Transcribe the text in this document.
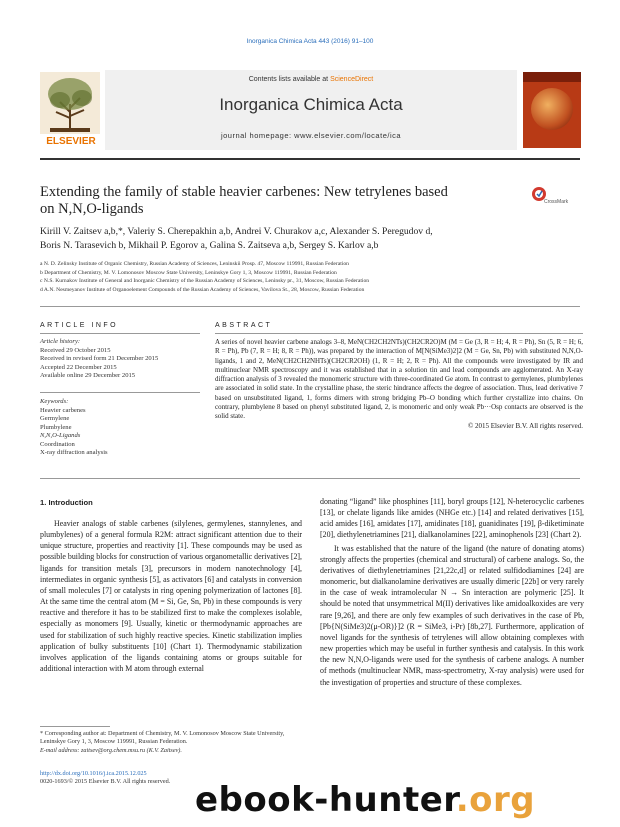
Inorganica Chimica Acta 443 (2016) 91–100
Contents lists available at ScienceDirect
Inorganica Chimica Acta
journal homepage: www.elsevier.com/locate/ica
ELSEVIER
Extending the family of stable heavier carbenes: New tetrylenes based
on N,N,O-ligands	CrossMark
Kirill V. Zaitsev a,b,*, Valeriy S. Cherepakhin a,b, Andrei V. Churakov a,c, Alexander S. Peregudov d,
Boris N. Tarasevich b, Mikhail P. Egorov a, Galina S. Zaitseva a,b, Sergey S. Karlov a,b
a N. D. Zelinsky Institute of Organic Chemistry, Russian Academy of Sciences, Leninskii Prosp. 47, Moscow 119991, Russian Federation
b Department of Chemistry, M. V. Lomonosov Moscow State University, Leninskye Gory 1, 3, Moscow 119991, Russian Federation
c N.S. Kurnakov Institute of General and Inorganic Chemistry of the Russian Academy of Sciences, Leninsky pr., 31, Moscow, Russian Federation
d A.N. Nesmeyanov Institute of Organoelement Compounds of the Russian Academy of Sciences, Vavilova St., 28, Moscow, Russian Federation
ARTICLE INFO	ABSTRACT
Article history:
Received 29 October 2015
Received in revised form 21 December 2015
Accepted 22 December 2015
Available online 29 December 2015
Keywords:
Heavier carbenes
Germylene
Plumbylene
N,N,O-Ligands
Coordination
X-ray diffraction analysis
A series of novel heavier carbene analogs 3–8, MeN(CH2CH2NTs)(CH2CR2O)M (M = Ge (3, R = H; 4, R = Ph), Sn (5, R = H; 6, R = Ph), Pb (7, R = H; 8, R = Ph)), was prepared by the interaction of M[N(SiMe3)2]2 (M = Ge, Sn, Pb) with substituted N,N,O-ligands, 1 and 2, MeN(CH2CH2NHTs)(CH2CR2OH) (1, R = H; 2, R = Ph). All the compounds were investigated by IR and multinuclear NMR spectroscopy and it was established that in a solution tin and lead compounds are agglomerated. An X-ray diffraction analysis of 3 revealed the monomeric structure with three-coordinated Ge atom. In contrast to germylenes, plumbylenes are associated in solid state. In the crystalline phase, the steric hindrance affects the degree of association. Thus, lead derivative 7 based on unsubstituted ligand, 1, forms dimers with strong bridging Pb–O bonding which further crystallize into chains. On contrary, plumbylene 8 based on phenyl substituted ligand, 2, is monomeric and only weak Pb···Osp contacts are observed is the solid state.
© 2015 Elsevier B.V. All rights reserved.
1. Introduction

Heavier analogs of stable carbenes (silylenes, germylenes, stannylenes, and plumbylenes) of a general formula R2M: attract significant attention due to their unique structure, properties and reactivity [1]. These compounds may be used as possible building blocks for construction of various organometallic derivatives [2], ligands for transition metals [3], precursors in modern nanotechnology [4], intermediates in organic synthesis [5], as activators [6] and catalysts in conversion of small molecules [7] or catalysts in ring opening polymerization of lactones [8]. At the same time the central atom (M = Si, Ge, Sn, Pb) in these compounds is very reactive and therefore it has to be stabilized first to make the complexes isolable, especially as monomers [9]. Usually, kinetic or thermodynamic approaches are used for stabilization of such highly reactive species. Kinetic stabilization implies application of bulky substituents [10] (Chart 1). Thermodynamic stabilization involves application of the ligands containing atoms or groups suitable for additional interaction with M atom through external

donating “ligand” like phosphines [11], boryl groups [12], N-heterocyclic carbenes [13], or chelate ligands like amides (NHGe etc.) [14] and related derivatives [15], acid amides [16], amidates [17], amidinates [18], guanidinates [19], β-diketiminate [20], diethylenetriamines [21], dialkanolamines [22], aminophenols [23] (Chart 2).

It was established that the nature of the ligand (the nature of donating atoms) strongly affects the properties (chemical and structural) of carbene analogs. So, the derivatives of diethylenetriamines [21,22c,d] or related sulfidodiamines [24] are monomeric, but dialkanolamine derivatives are usually dimeric [22b] or very rarely in the case of weak intramolecular N → Sn interaction are polymeric [25]. It should be noted that unsymmetrical M(II) derivatives like amidoalkoxides are very rare [9,26], and there are only few examples of such derivatives in the case of Pb, [Pb{N(SiMe3)2(μ-OR)}]2 (R = SiMe3, i-Pr) [8b,27]. Furthermore, application of novel ligands for the synthesis of tetrylenes will allow obtaining complexes with new properties which may be useful in further synthesis and catalysis. In this work the new N,N,O-ligands were used for the synthesis of carbene analogs. A number of methods (multinuclear NMR, mass-spectrometry, X-ray analysis) were used for the investigation of properties and structure of these complexes.

* Corresponding author at: Department of Chemistry, M. V. Lomonosov Moscow State University, Leninskye Gory 1, 3, Moscow 119991, Russian Federation.
E-mail address: zaitsev@org.chem.msu.ru (K.V. Zaitsev).
http://dx.doi.org/10.1016/j.ica.2015.12.025
0020-1693/© 2015 Elsevier B.V. All rights reserved. ebook-hunter.org
